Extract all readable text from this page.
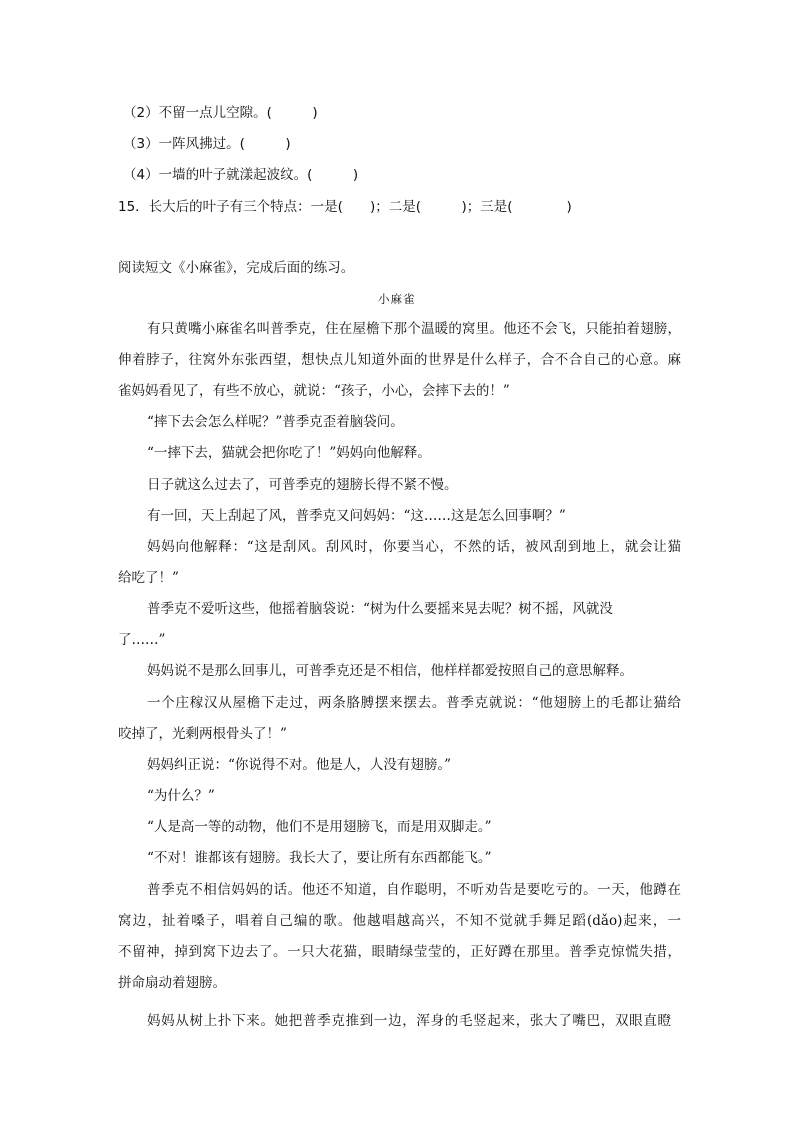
（2）不留一点儿空隙。(　　　)
（3）一阵风拂过。(　　　)
（4）一墙的叶子就漾起波纹。(　　　)
15．长大后的叶子有三个特点：一是(　　)；二是(　　　)；三是(　　　　)
阅读短文《小麻雀》，完成后面的练习。
小麻雀
有只黄嘴小麻雀名叫普季克，住在屋檐下那个温暖的窝里。他还不会飞，只能拍着翅膀，
伸着脖子，往窝外东张西望，想快点儿知道外面的世界是什么样子，合不合自己的心意。麻
雀妈妈看见了，有些不放心，就说：“孩子，小心，会摔下去的！”
“摔下去会怎么样呢？”普季克歪着脑袋问。
“一摔下去，猫就会把你吃了！”妈妈向他解释。
日子就这么过去了，可普季克的翅膀长得不紧不慢。
有一回，天上刮起了风，普季克又问妈妈：“这……这是怎么回事啊？”
妈妈向他解释：“这是刮风。刮风时，你要当心，不然的话，被风刮到地上，就会让猫
给吃了！”
普季克不爱听这些，他摇着脑袋说：“树为什么要摇来晃去呢？树不摇，风就没
了……”
妈妈说不是那么回事儿，可普季克还是不相信，他样样都爱按照自己的意思解释。
一个庄稼汉从屋檐下走过，两条胳膊摆来摆去。普季克就说：“他翅膀上的毛都让猫给
咬掉了，光剩两根骨头了！”
妈妈纠正说：“你说得不对。他是人，人没有翅膀。”
“为什么？”
“人是高一等的动物，他们不是用翅膀飞，而是用双脚走。”
“不对！谁都该有翅膀。我长大了，要让所有东西都能飞。”
普季克不相信妈妈的话。他还不知道，自作聪明，不听劝告是要吃亏的。一天，他蹲在
窝边，扯着嗓子，唱着自己编的歌。他越唱越高兴，不知不觉就手舞足蹈(dǎo)起来，一
不留神，掉到窝下边去了。一只大花猫，眼睛绿莹莹的，正好蹲在那里。普季克惊慌失措，
拼命扇动着翅膀。
妈妈从树上扑下来。她把普季克推到一边，浑身的毛竖起来，张大了嘴巴，双眼直瞪
